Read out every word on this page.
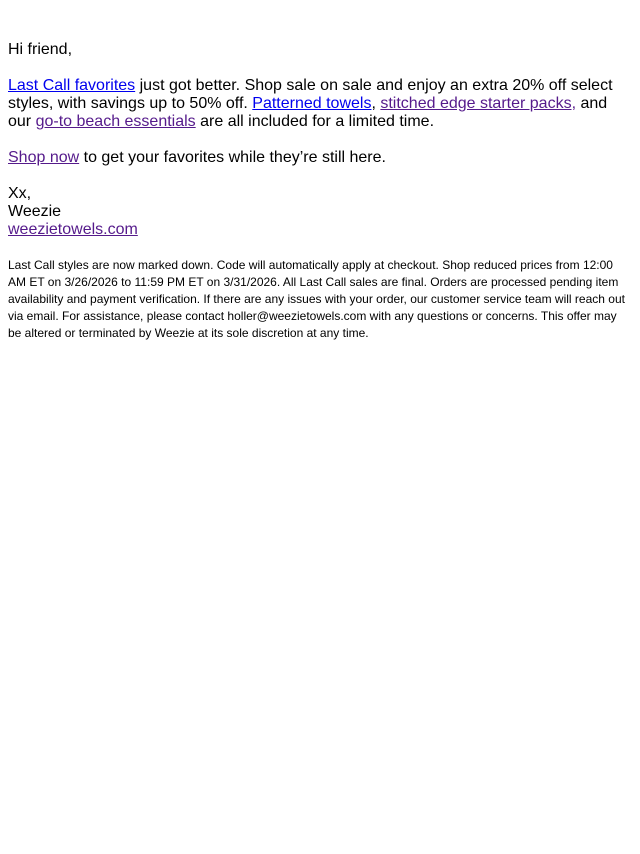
Hi friend,

Last Call favorites just got better. Shop sale on sale and enjoy an extra 20% off select styles, with savings up to 50% off. Patterned towels, stitched edge starter packs, and our go-to beach essentials are all included for a limited time.

Shop now to get your favorites while they’re still here.

Xx,
Weezie
weezietowels.com

Last Call styles are now marked down. Code will automatically apply at checkout. Shop reduced prices from 12:00 AM ET on 3/26/2026 to 11:59 PM ET on 3/31/2026. All Last Call sales are final. Orders are processed pending item availability and payment verification. If there are any issues with your order, our customer service team will reach out via email. For assistance, please contact holler@weezietowels.com with any questions or concerns. This offer may be altered or terminated by Weezie at its sole discretion at any time.
